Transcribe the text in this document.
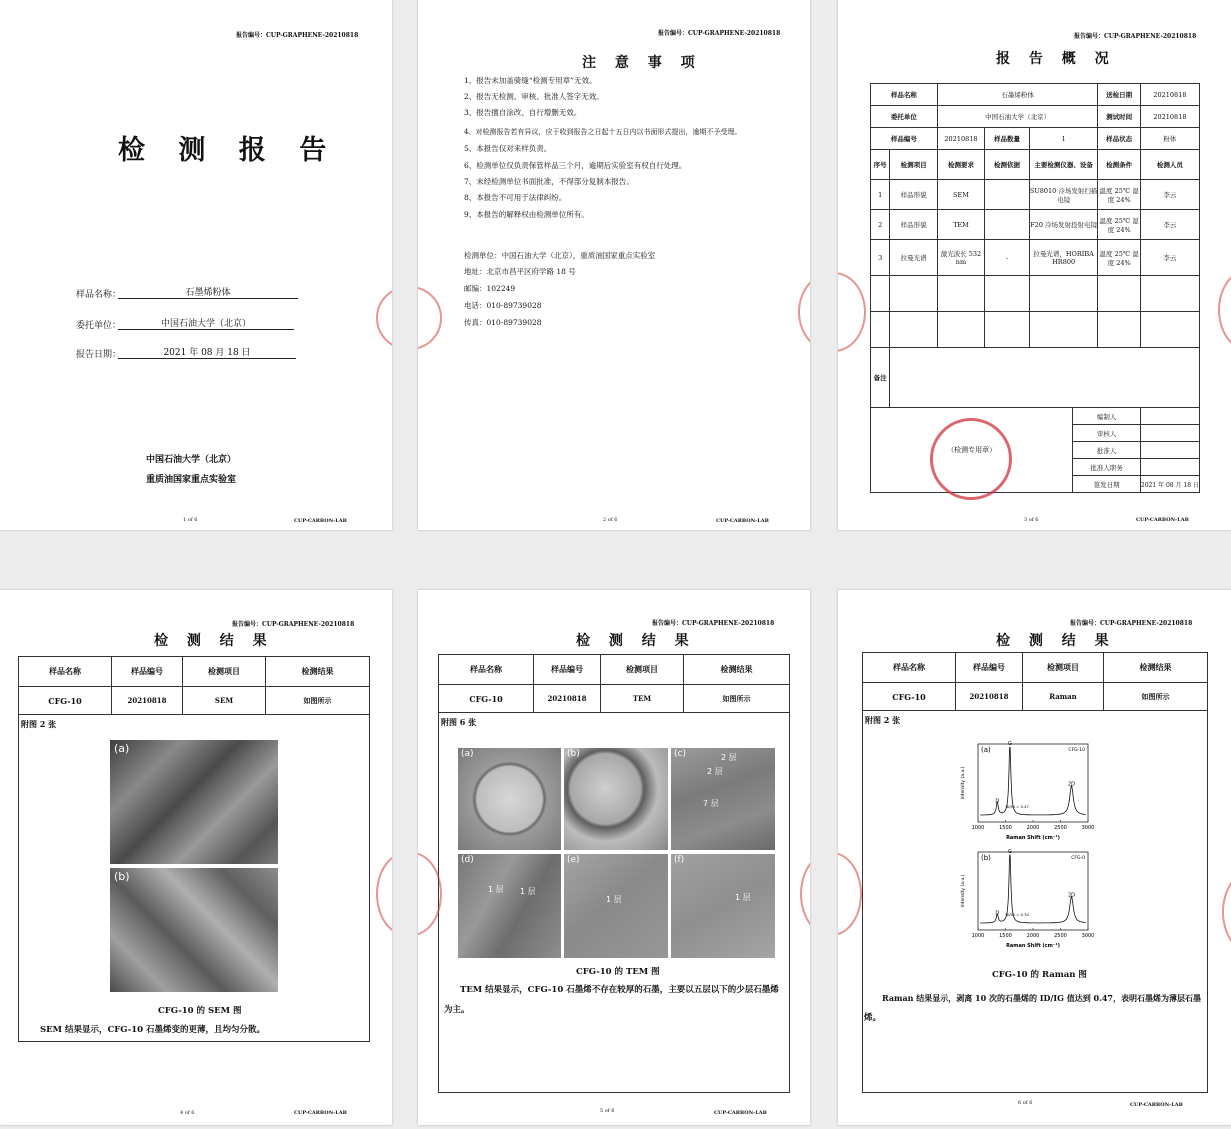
报告编号：CUP-GRAPHENE-20210818
检 测 报 告
样品名称：	石墨烯粉体
委托单位：	中国石油大学（北京）
报告日期：	2021 年 08 月 18 日
中国石油大学（北京）
重质油国家重点实验室
1 of 6	CUP-CARBON-LAB
报告编号：CUP-GRAPHENE-20210818
注 意 事 项
1、报告未加盖骑缝“检测专用章”无效。
2、报告无检测、审核、批准人签字无效。
3、报告擅自涂改、自行增删无效。
4、对检测报告若有异议，应于收到报告之日起十五日内以书面形式提出，逾期不予受理。
5、本报告仅对来样负责。
6、检测单位仅负责保管样品三个月，逾期后实验室有权自行处理。
7、未经检测单位书面批准，不得部分复制本报告。
8、本报告不可用于法律纠纷。
9、本报告的解释权由检测单位所有。
检测单位：中国石油大学（北京），重质油国家重点实验室
地址：北京市昌平区府学路 18 号
邮编：102249
电话：010-89739028
传真：010-89739028
2 of 6	CUP-CARBON-LAB
报告编号：CUP-GRAPHENE-20210818
报 告 概 况
样品名称		石墨烯粉体				送检日期	20210818
委托单位		中国石油大学（北京）				测试时间	20210818
样品编号		20210818	样品数量	1		样品状态	粉体
序号	检测项目	检测要求	检测依据	主要检测仪器、设备		检测条件	检测人员
1	样品形貌	SEM		SU8010 冷场发射扫描电镜		温度 25℃ 湿度 24%	李云
2	样品形貌	TEM		F20 冷场发射投射电镜		温度 25℃ 湿度 24%	李云
3	拉曼光谱	激光波长 532 nm	-	拉曼光谱，HORIBA HR800		温度 25℃ 湿度 24%	李云

备注							
（检测专用章）					编制人		
					审核人		
					批准人		
					批准人职务		
					签发日期		2021 年 08 月 18 日
3 of 6	CUP-CARBON-LAB
报告编号：CUP-GRAPHENE-20210818
检 测 结 果
样品名称	样品编号	检测项目	检测结果
CFG-10	20210818	SEM	如图所示
附图 2 张			
(a)
(b)
CFG-10 的 SEM 图
SEM 结果显示，CFG-10 石墨烯变的更薄，且均匀分散。
4 of 6	CUP-CARBON-LAB
报告编号：CUP-GRAPHENE-20210818
检 测 结 果
样品名称	样品编号	检测项目	检测结果
CFG-10	20210818	TEM	如图所示
附图 6 张			
(a)	(b)	(c)	2 层
2 层
7 层
(d)
1 层 1 层
(e)
1 层
(f)
1 层
CFG-10 的 TEM 图
TEM 结果显示，CFG-10 石墨烯不存在较厚的石墨，主要以五层以下的少层石墨烯
为主。
5 of 6	CUP-CARBON-LAB
报告编号：CUP-GRAPHENE-20210818
检 测 结 果
样品名称	样品编号	检测项目	检测结果
CFG-10	20210818	Raman	如图所示
附图 2 张			
D
G
2D
1000	1500	2000	2500	3000
Raman Shift (cm⁻¹)
Intensity (a.u.)
(a)	CFG-10
ID/IG = 0.47
D
G
2D
1000	1500	2000	2500	3000
Raman Shift (cm⁻¹)
Intensity (a.u.)
(b)	CFG-0
ID/IG = 0.34
CFG-10 的 Raman 图
Raman 结果显示，剥离 10 次的石墨烯的 ID/IG 值达到 0.47，表明石墨烯为薄层石墨
烯。
6 of 6	CUP-CARBON-LAB
